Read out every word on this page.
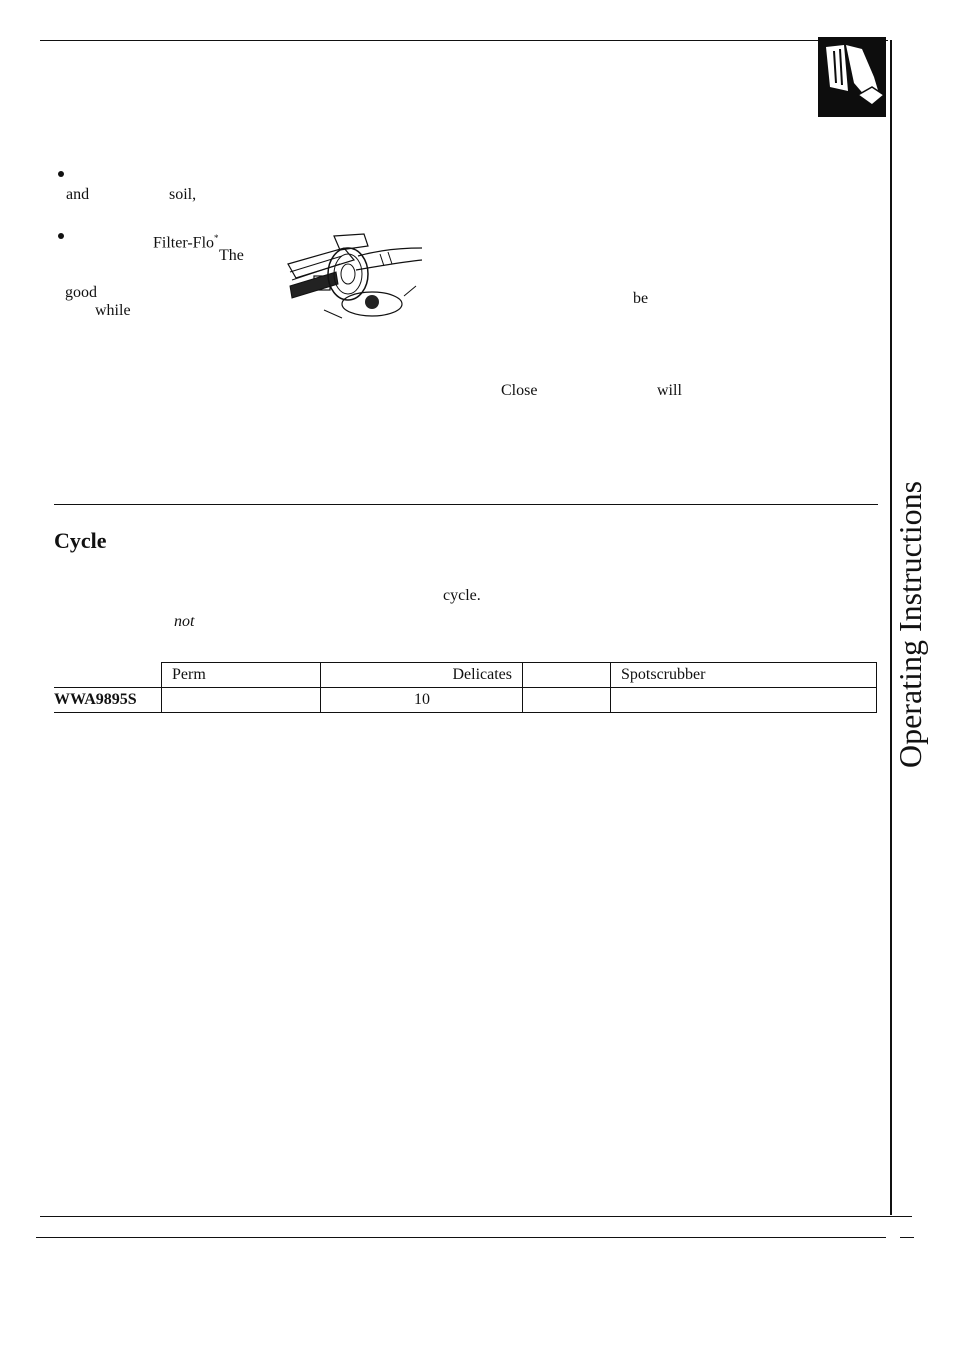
and	soil,
Filter-Flo*
The
good
while
be
Close	will
Operating Instructions
Cycle
cycle.
not
	Perm	Delicates		Spotscrubber
WWA9895S		10		
